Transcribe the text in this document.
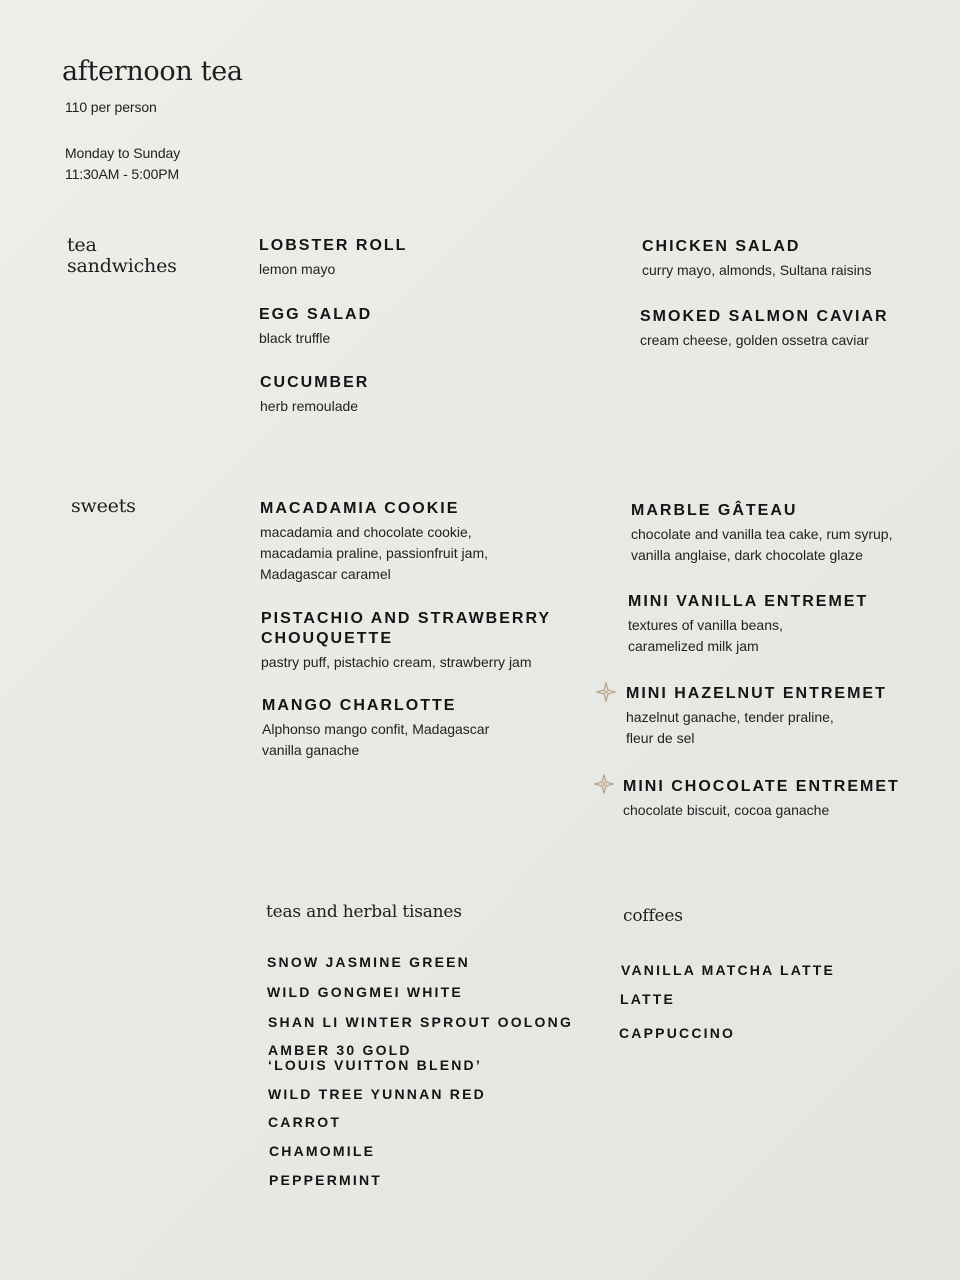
afternoon tea
110 per person
Monday to Sunday
11:30AM - 5:00PM
tea
sandwiches
LOBSTER ROLL
lemon mayo
EGG SALAD
black truffle
CUCUMBER
herb remoulade
CHICKEN SALAD
curry mayo, almonds, Sultana raisins
SMOKED SALMON CAVIAR
cream cheese, golden ossetra caviar
sweets	MACADAMIA COOKIE
macadamia and chocolate cookie,
macadamia praline, passionfruit jam,
Madagascar caramel
PISTACHIO AND STRAWBERRY
CHOUQUETTE
pastry puff, pistachio cream, strawberry jam
MANGO CHARLOTTE
Alphonso mango confit, Madagascar
vanilla ganache
MARBLE GÂTEAU
chocolate and vanilla tea cake, rum syrup,
vanilla anglaise, dark chocolate glaze
MINI VANILLA ENTREMET
textures of vanilla beans,
caramelized milk jam
MINI HAZELNUT ENTREMET
hazelnut ganache, tender praline,
fleur de sel
MINI CHOCOLATE ENTREMET
chocolate biscuit, cocoa ganache
teas and herbal tisanes
SNOW JASMINE GREEN
WILD GONGMEI WHITE
SHAN LI WINTER SPROUT OOLONG
AMBER 30 GOLD
‘LOUIS VUITTON BLEND’
WILD TREE YUNNAN RED
CARROT
CHAMOMILE
PEPPERMINT
coffees
VANILLA MATCHA LATTE
LATTE
CAPPUCCINO
